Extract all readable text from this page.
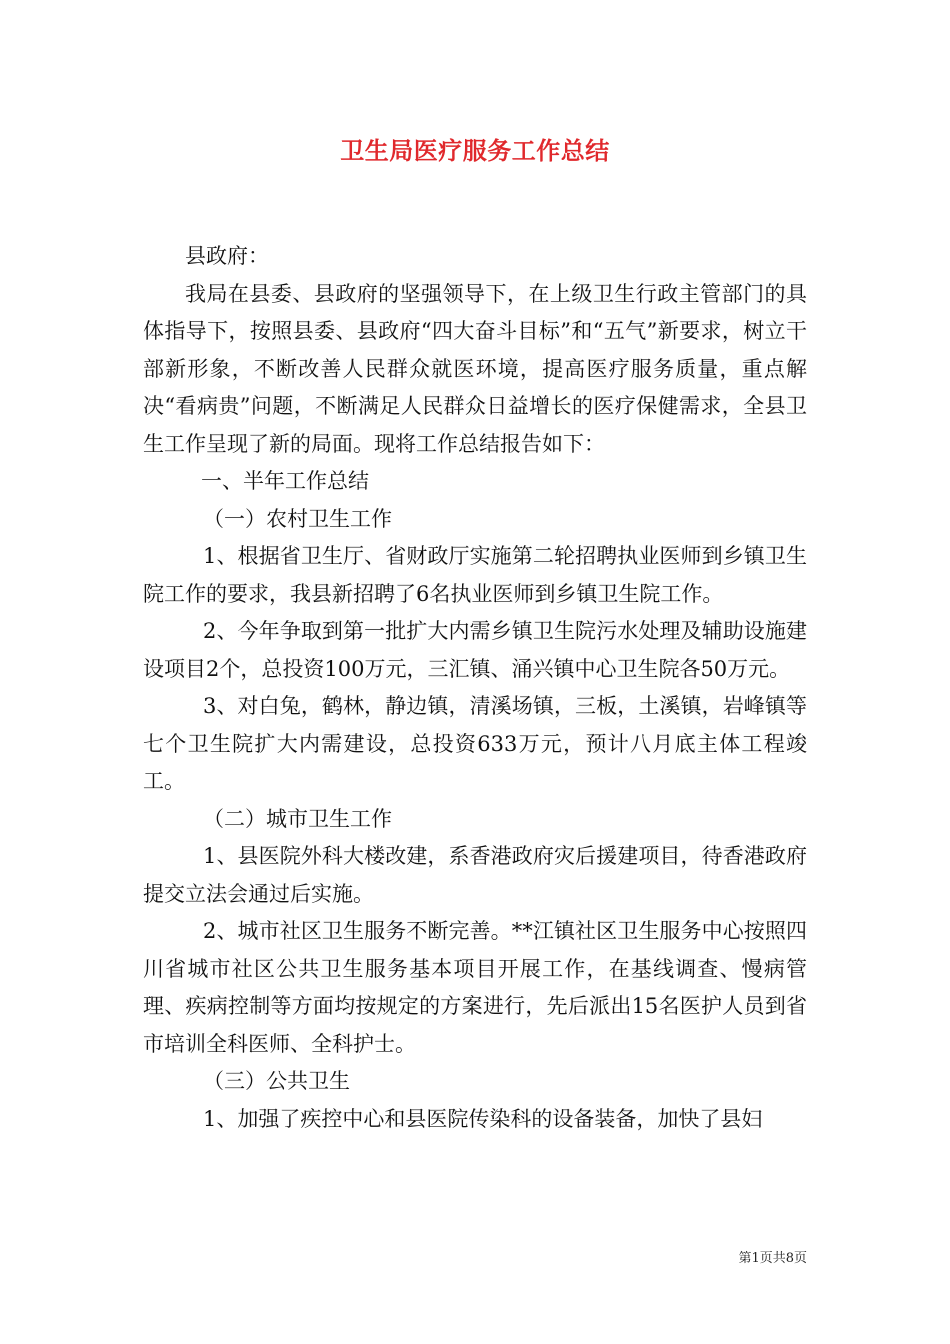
卫生局医疗服务工作总结

县政府：

我局在县委、县政府的坚强领导下，在上级卫生行政主管部门的具体指导下，按照县委、县政府“四大奋斗目标”和“五气”新要求，树立干部新形象，不断改善人民群众就医环境，提高医疗服务质量，重点解决“看病贵”问题，不断满足人民群众日益增长的医疗保健需求，全县卫生工作呈现了新的局面。现将工作总结报告如下：

一、半年工作总结

（一）农村卫生工作

1、根据省卫生厅、省财政厅实施第二轮招聘执业医师到乡镇卫生院工作的要求，我县新招聘了6名执业医师到乡镇卫生院工作。

2、今年争取到第一批扩大内需乡镇卫生院污水处理及辅助设施建设项目2个，总投资100万元，三汇镇、涌兴镇中心卫生院各50万元。

3、对白兔，鹤林，静边镇，清溪场镇，三板，土溪镇，岩峰镇等七个卫生院扩大内需建设，总投资633万元，预计八月底主体工程竣工。

（二）城市卫生工作

1、县医院外科大楼改建，系香港政府灾后援建项目，待香港政府提交立法会通过后实施。

2、城市社区卫生服务不断完善。**江镇社区卫生服务中心按照四川省城市社区公共卫生服务基本项目开展工作，在基线调查、慢病管理、疾病控制等方面均按规定的方案进行，先后派出15名医护人员到省市培训全科医师、全科护士。

（三）公共卫生

1、加强了疾控中心和县医院传染科的设备装备，加快了县妇

第1页共8页
